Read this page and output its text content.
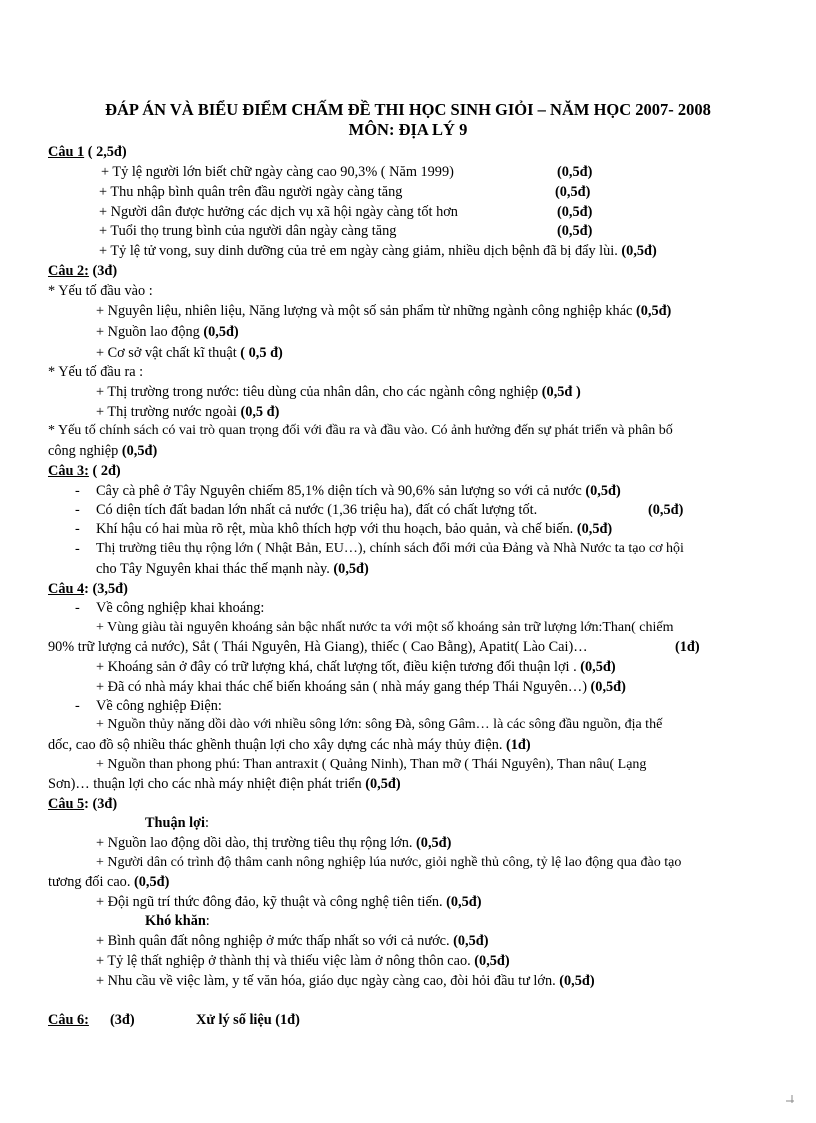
ĐÁP ÁN VÀ BIỂU ĐIỂM CHẤM ĐỀ THI HỌC SINH GIỎI – NĂM HỌC 2007- 2008
MÔN: ĐỊA LÝ 9
Câu 1 ( 2,5đ)
+ Tỷ lệ người lớn biết chữ ngày càng cao 90,3% ( Năm 1999)	(0,5đ)
+ Thu nhập bình quân trên đầu người ngày càng tăng	(0,5đ)
+ Người dân được hưởng các dịch vụ xã hội ngày càng tốt hơn	(0,5đ)
+ Tuổi thọ trung bình của người dân ngày càng tăng	(0,5đ)
+ Tỷ lệ tử vong, suy dinh dưỡng của trẻ em ngày càng giảm, nhiều dịch bệnh đã bị đẩy lùi. (0,5đ)
Câu 2: (3đ)
* Yếu tố đầu vào :
+ Nguyên liệu, nhiên liệu, Năng lượng và một số sản phẩm từ những ngành công nghiệp khác (0,5đ)
+ Nguồn lao động (0,5đ)
+ Cơ sở vật chất kĩ thuật ( 0,5 đ)
* Yếu tố đầu ra :
+ Thị trường trong nước: tiêu dùng của nhân dân, cho các ngành công nghiệp (0,5đ )
+ Thị trường nước ngoài (0,5 đ)
* Yếu tố chính sách có vai trò quan trọng đối với đầu ra và đầu vào. Có ảnh hưởng đến sự phát triển và phân bố
công nghiệp (0,5đ)
Câu 3: ( 2đ)
- Cây cà phê ở Tây Nguyên chiếm 85,1% diện tích và 90,6% sản lượng so với cả nước (0,5đ)
- Có diện tích đất badan lớn nhất cả nước (1,36 triệu ha), đất có chất lượng tốt.	(0,5đ)
- Khí hậu có hai mùa rõ rệt, mùa khô thích hợp với thu hoạch, bảo quản, và chế biến. (0,5đ)
- Thị trường tiêu thụ rộng lớn ( Nhật Bản, EU…), chính sách đổi mới của Đảng và Nhà Nước ta tạo cơ hội
cho Tây Nguyên khai thác thế mạnh này. (0,5đ)
Câu 4: (3,5đ)
- Về công nghiệp khai khoáng:
+ Vùng giàu tài nguyên khoáng sản bậc nhất nước ta với một số khoáng sản trữ lượng lớn:Than( chiếm
90% trữ lượng cả nước), Sắt ( Thái Nguyên, Hà Giang), thiếc ( Cao Bằng), Apatit( Lào Cai)…	(1đ)
+ Khoáng sản ở đây có trữ lượng khá, chất lượng tốt, điều kiện tương đối thuận lợi . (0,5đ)
+ Đã có nhà máy khai thác chế biến khoáng sản ( nhà máy gang thép Thái Nguyên…) (0,5đ)
- Về công nghiệp Điện:
+ Nguồn thủy năng dồi dào với nhiều sông lớn: sông Đà, sông Gâm… là các sông đầu nguồn, địa thế
dốc, cao đồ sộ nhiều thác ghềnh thuận lợi cho xây dựng các nhà máy thủy điện. (1đ)
+ Nguồn than phong phú: Than antraxit ( Quảng Ninh), Than mỡ ( Thái Nguyên), Than nâu( Lạng
Sơn)… thuận lợi cho các nhà máy nhiệt điện phát triển (0,5đ)
Câu 5: (3đ)
Thuận lợi:
+ Nguồn lao động dồi dào, thị trường tiêu thụ rộng lớn. (0,5đ)
+ Người dân có trình độ thâm canh nông nghiệp lúa nước, giỏi nghề thủ công, tỷ lệ lao động qua đào tạo
tương đối cao. (0,5đ)
+ Đội ngũ trí thức đông đảo, kỹ thuật và công nghệ tiên tiến. (0,5đ)
Khó khăn:
+ Bình quân đất nông nghiệp ở mức thấp nhất so với cả nước. (0,5đ)
+ Tỷ lệ thất nghiệp ở thành thị và thiếu việc làm ở nông thôn cao. (0,5đ)
+ Nhu cầu về việc làm, y tế văn hóa, giáo dục ngày càng cao, đòi hỏi đầu tư lớn. (0,5đ)
Câu 6: (3đ)	Xử lý số liệu (1đ)
